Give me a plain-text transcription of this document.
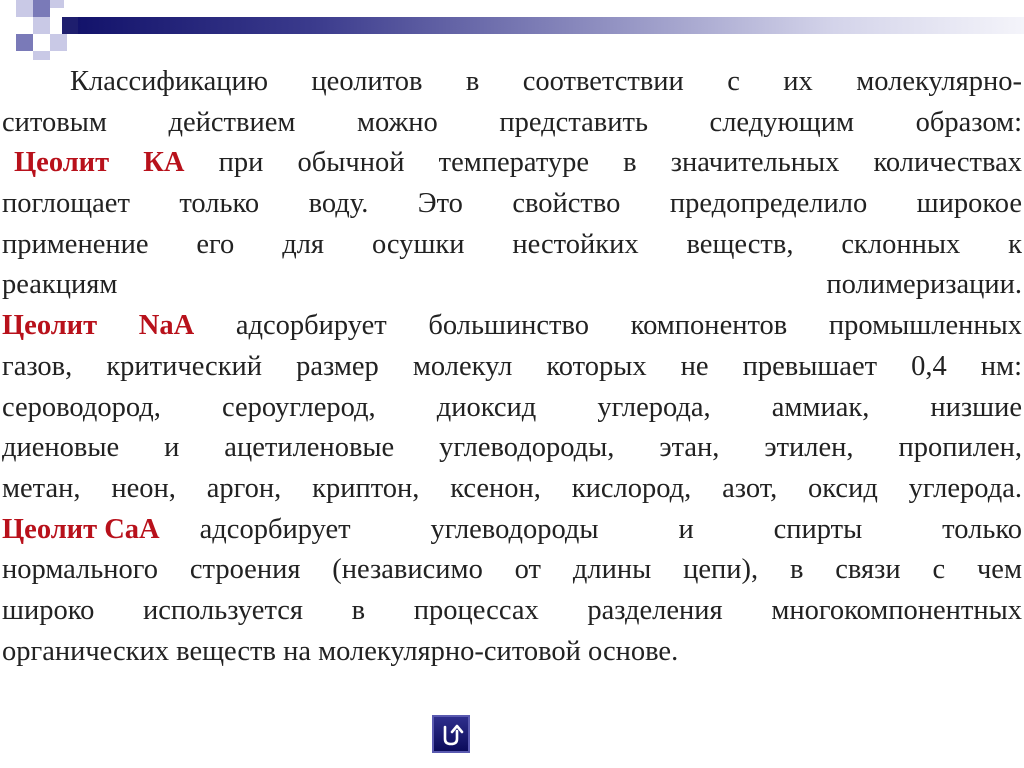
Классификацию цеолитов в соответствии с их молекулярно-
ситовым действием можно представить следующим образом:
Цеолит КА при обычной температуре в значительных количествах
поглощает только воду. Это свойство предопределило широкое
применение его для осушки нестойких веществ, склонных к
реакциям	полимеризации.
Цеолит NaA адсорбирует большинство компонентов промышленных
газов, критический размер молекул которых не превышает 0,4 нм:
сероводород, сероуглерод, диоксид углерода, аммиак, низшие
диеновые и ацетиленовые углеводороды, этан, этилен, пропилен,
метан, неон, аргон, криптон, ксенон, кислород, азот, оксид углерода.
Цеолит CaA	адсорбирует углеводороды и спирты только
нормального строения (независимо от длины цепи), в связи с чем
широко используется в процессах разделения многокомпонентных
органических веществ на молекулярно-ситовой основе.
